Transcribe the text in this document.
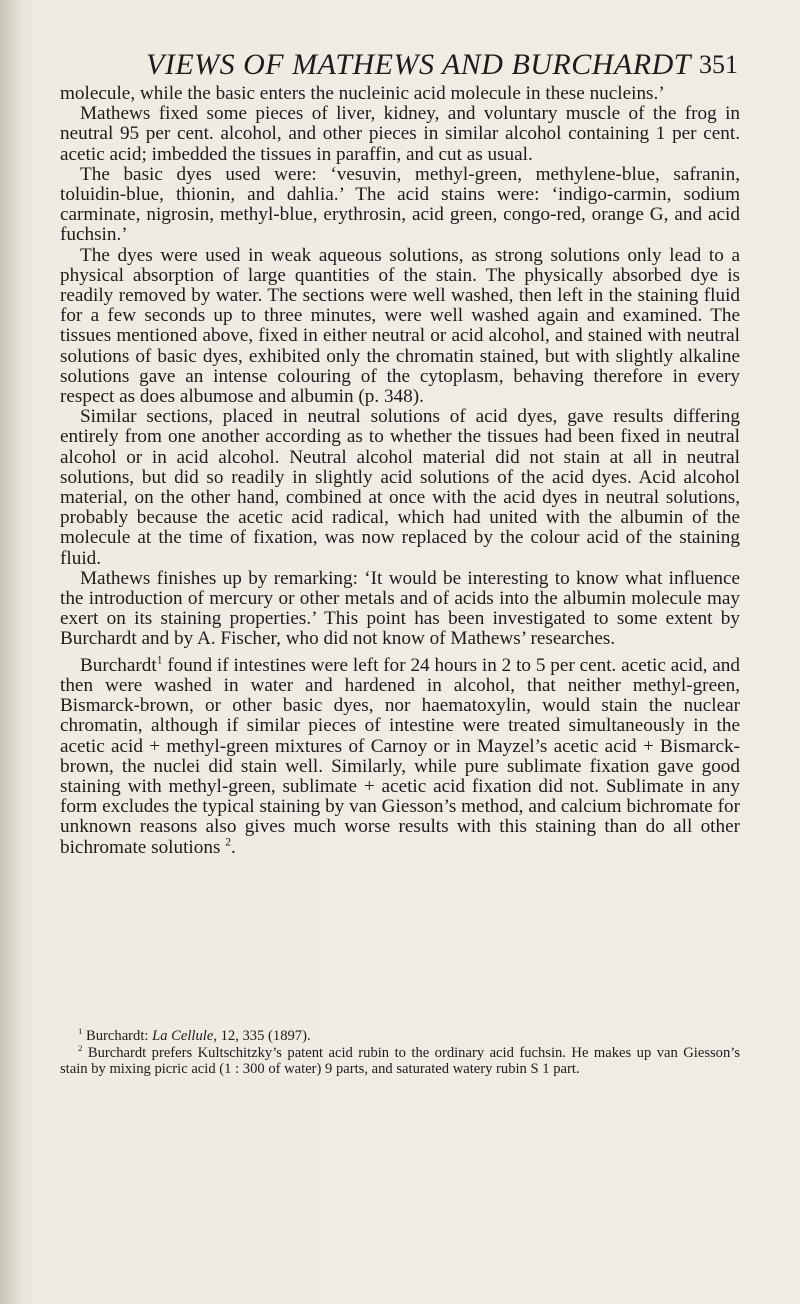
VIEWS OF MATHEWS AND BURCHARDT 351

molecule, while the basic enters the nucleinic acid molecule in these nucleins.’

Mathews fixed some pieces of liver, kidney, and voluntary muscle of the frog in neutral 95 per cent. alcohol, and other pieces in similar alcohol containing 1 per cent. acetic acid; imbedded the tissues in paraffin, and cut as usual.

The basic dyes used were: ‘vesuvin, methyl-green, methylene-blue, safranin, toluidin-blue, thionin, and dahlia.’ The acid stains were: ‘indigo-carmin, sodium carminate, nigrosin, methyl-blue, erythrosin, acid green, congo-red, orange G, and acid fuchsin.’

The dyes were used in weak aqueous solutions, as strong solutions only lead to a physical absorption of large quantities of the stain. The physically absorbed dye is readily removed by water. The sections were well washed, then left in the staining fluid for a few seconds up to three minutes, were well washed again and examined. The tissues mentioned above, fixed in either neutral or acid alcohol, and stained with neutral solutions of basic dyes, exhibited only the chromatin stained, but with slightly alkaline solutions gave an intense colouring of the cytoplasm, behaving therefore in every respect as does albumose and albumin (p. 348).

Similar sections, placed in neutral solutions of acid dyes, gave results differing entirely from one another according as to whether the tissues had been fixed in neutral alcohol or in acid alcohol. Neutral alcohol material did not stain at all in neutral solutions, but did so readily in slightly acid solutions of the acid dyes. Acid alcohol material, on the other hand, combined at once with the acid dyes in neutral solutions, probably because the acetic acid radical, which had united with the albumin of the molecule at the time of fixation, was now replaced by the colour acid of the staining fluid.

Mathews finishes up by remarking: ‘It would be interesting to know what influence the introduction of mercury or other metals and of acids into the albumin molecule may exert on its staining properties.’ This point has been investigated to some extent by Burchardt and by A. Fischer, who did not know of Mathews’ researches.

Burchardt$^1$ found if intestines were left for 24 hours in 2 to 5 per cent. acetic acid, and then were washed in water and hardened in alcohol, that neither methyl-green, Bismarck-brown, or other basic dyes, nor haematoxylin, would stain the nuclear chromatin, although if similar pieces of intestine were treated simultaneously in the acetic acid + methyl-green mixtures of Carnoy or in Mayzel’s acetic acid + Bismarck-brown, the nuclei did stain well. Similarly, while pure sublimate fixation gave good staining with methyl-green, sublimate + acetic acid fixation did not. Sublimate in any form excludes the typical staining by van Giesson’s method, and calcium bichromate for unknown reasons also gives much worse results with this staining than do all other bichromate solutions $^2$.

$^1$ Burchardt: La Cellule, 12, 335 (1897).

$^2$ Burchardt prefers Kultschitzky’s patent acid rubin to the ordinary acid fuchsin. He makes up van Giesson’s stain by mixing picric acid (1 : 300 of water) 9 parts, and saturated watery rubin S 1 part.
